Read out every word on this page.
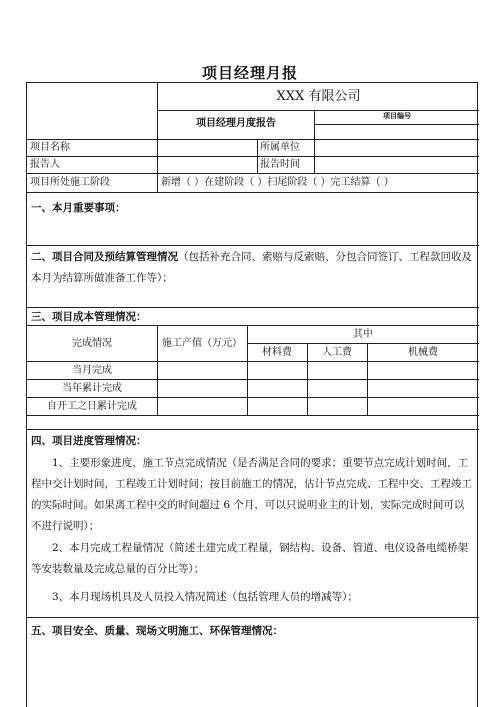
项目经理月报
XXX 有限公司
项目经理月度报告
项目编号
项目名称	所属单位
报告人	报告时间
项目所处施工阶段	新增（ ）在建阶段（ ）扫尾阶段（ ）完工结算（ ）
一、本月重要事项：
二、项目合同及预结算管理情况（包括补充合同、索赔与反索赔、分包合同签订、工程款回收及本月为结算所做准备工作等）；
三、项目成本管理情况：
完成情况	施工产值（万元）
其中
材料费	人工费	机械费
当月完成
当年累计完成
自开工之日累计完成
四、项目进度管理情况：
1、主要形象进度、施工节点完成情况（是否满足合同的要求；重要节点完成计划时间，工程中交计划时间，工程竣工计划时间；按目前施工的情况，估计节点完成、工程中交、工程竣工的实际时间。如果离工程中交的时间超过 6 个月，可以只说明业主的计划，实际完成时间可以不进行说明）；
2、本月完成工程量情况（简述土建完成工程量，钢结构、设备、管道、电仪设备电缆桥架等安装数量及完成总量的百分比等）；
3、本月现场机具及人员投入情况简述（包括管理人员的增减等）；
五、项目安全、质量、现场文明施工、环保管理情况：
